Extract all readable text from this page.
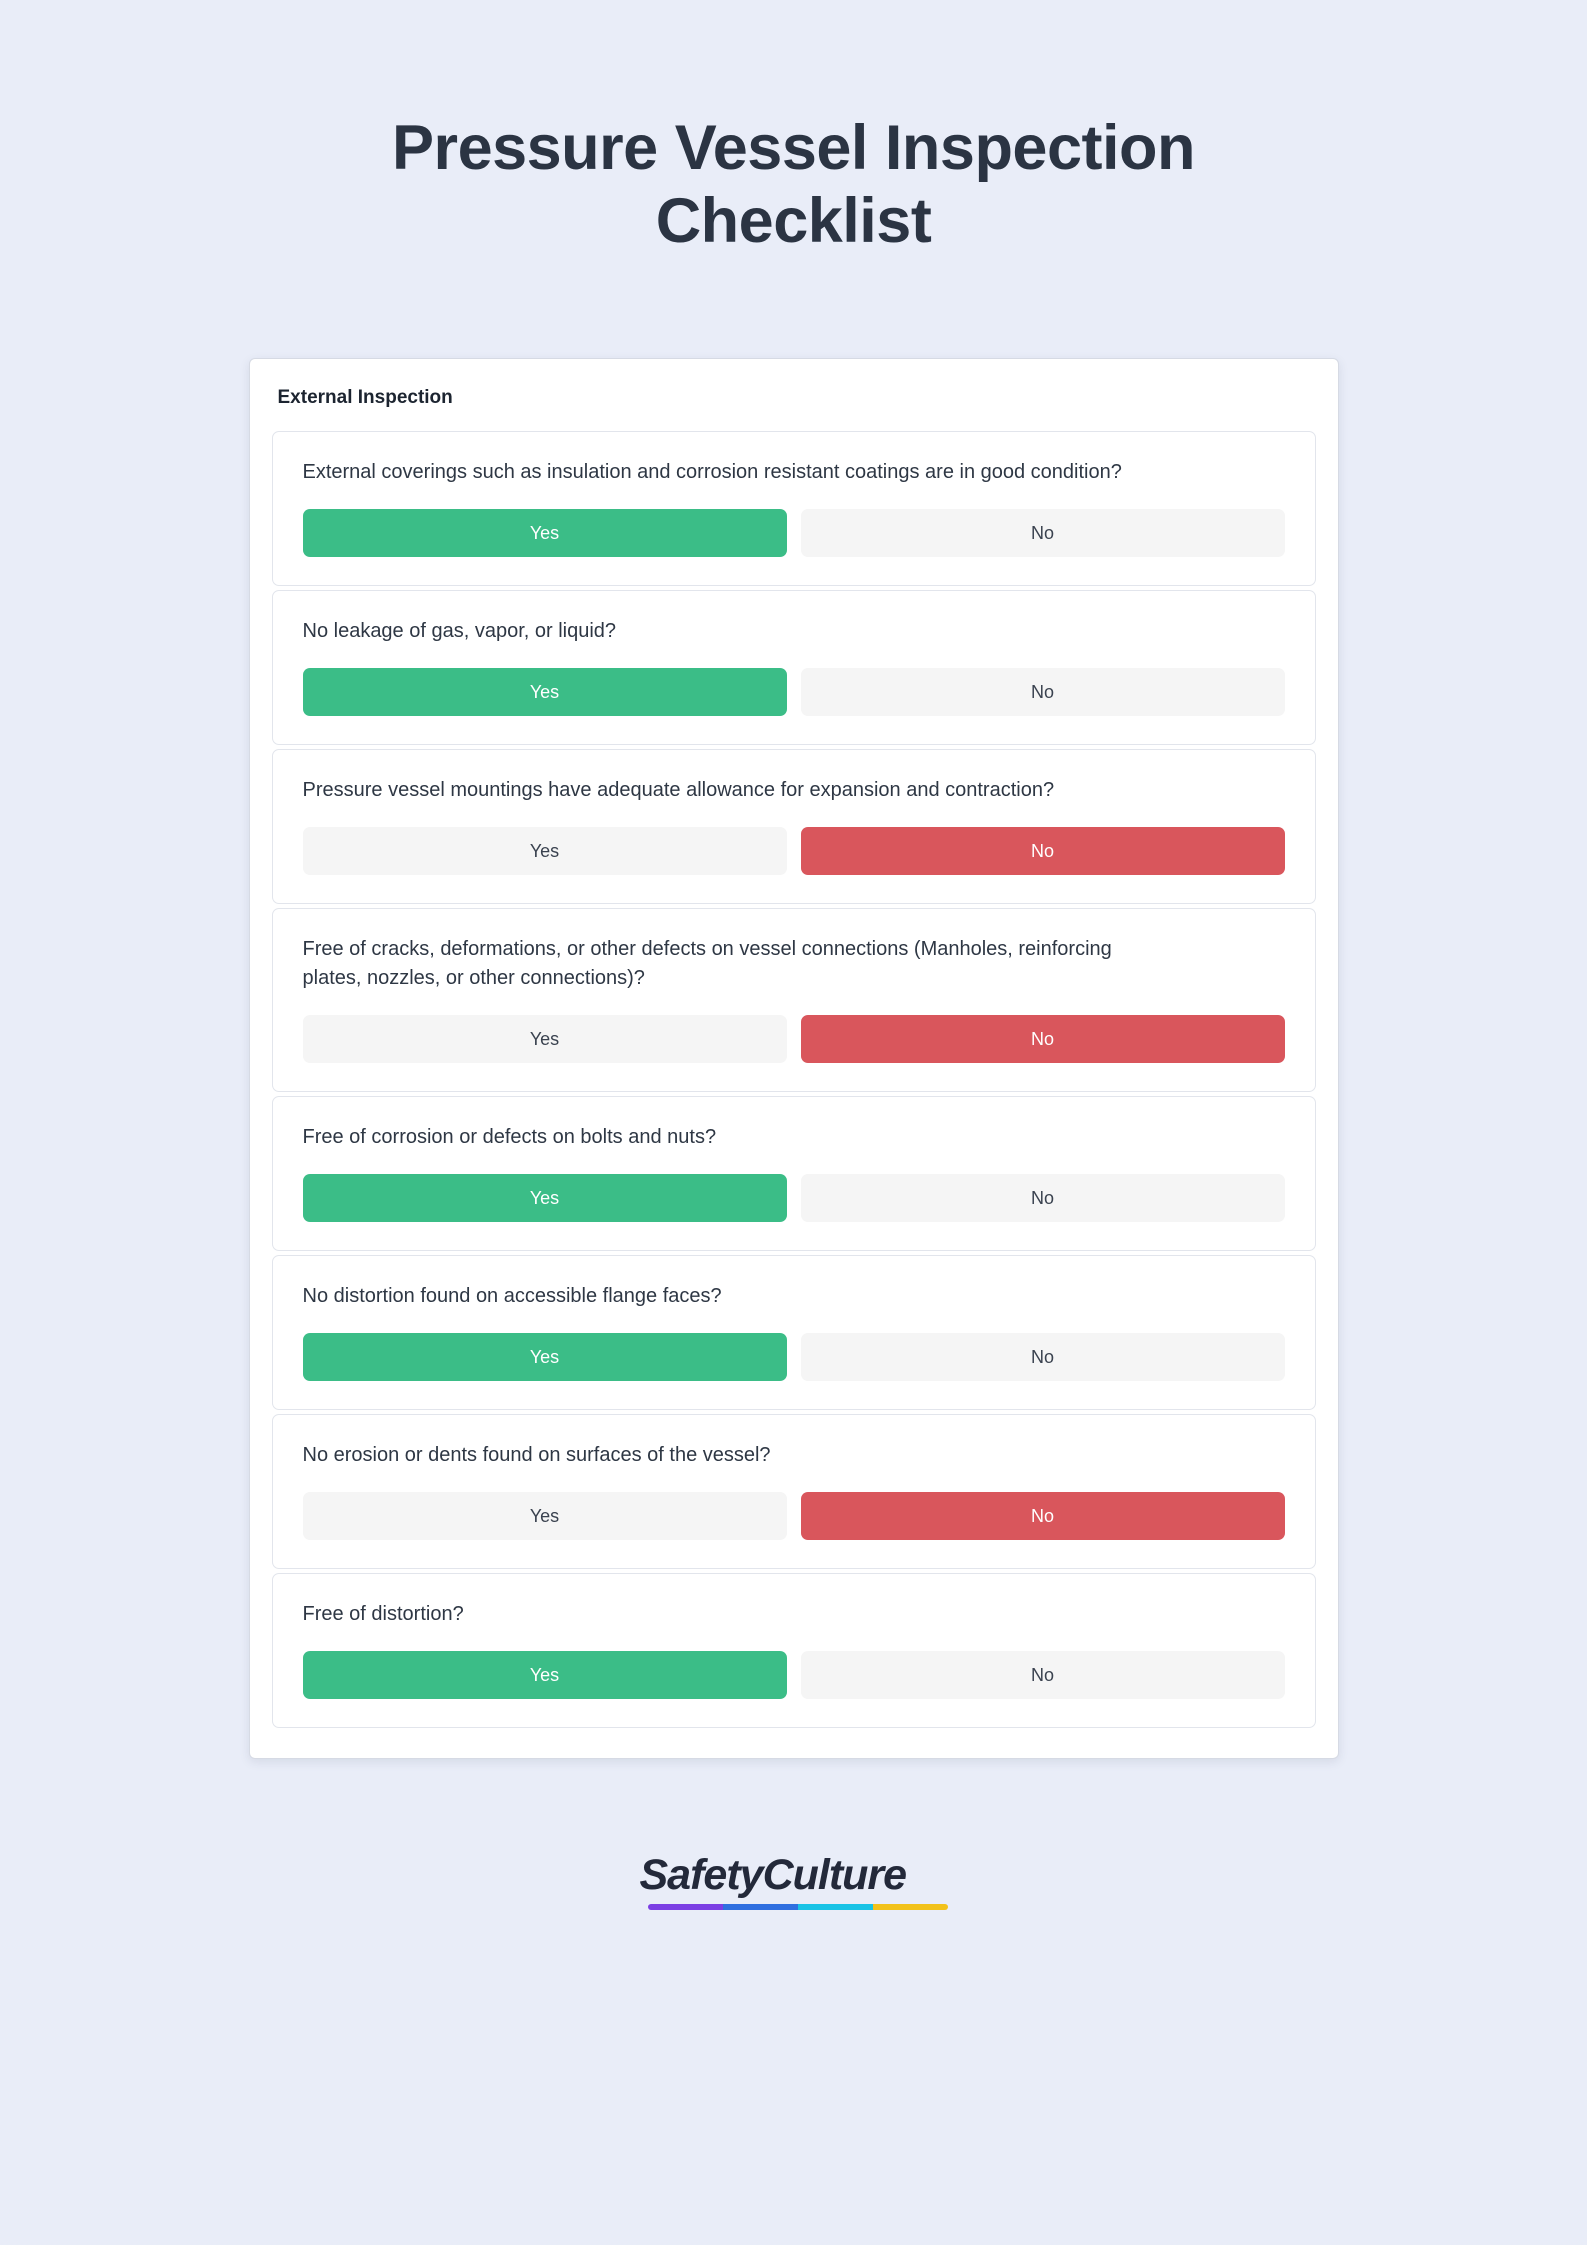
Pressure Vessel Inspection Checklist
External Inspection
External coverings such as insulation and corrosion resistant coatings are in good condition?
Yes	No
No leakage of gas, vapor, or liquid?
Yes	No
Pressure vessel mountings have adequate allowance for expansion and contraction?
Yes	No
Free of cracks, deformations, or other defects on vessel connections (Manholes, reinforcing plates, nozzles, or other connections)?
Yes	No
Free of corrosion or defects on bolts and nuts?
Yes	No
No distortion found on accessible flange faces?
Yes	No
No erosion or dents found on surfaces of the vessel?
Yes	No
Free of distortion?
Yes	No
SafetyCulture
